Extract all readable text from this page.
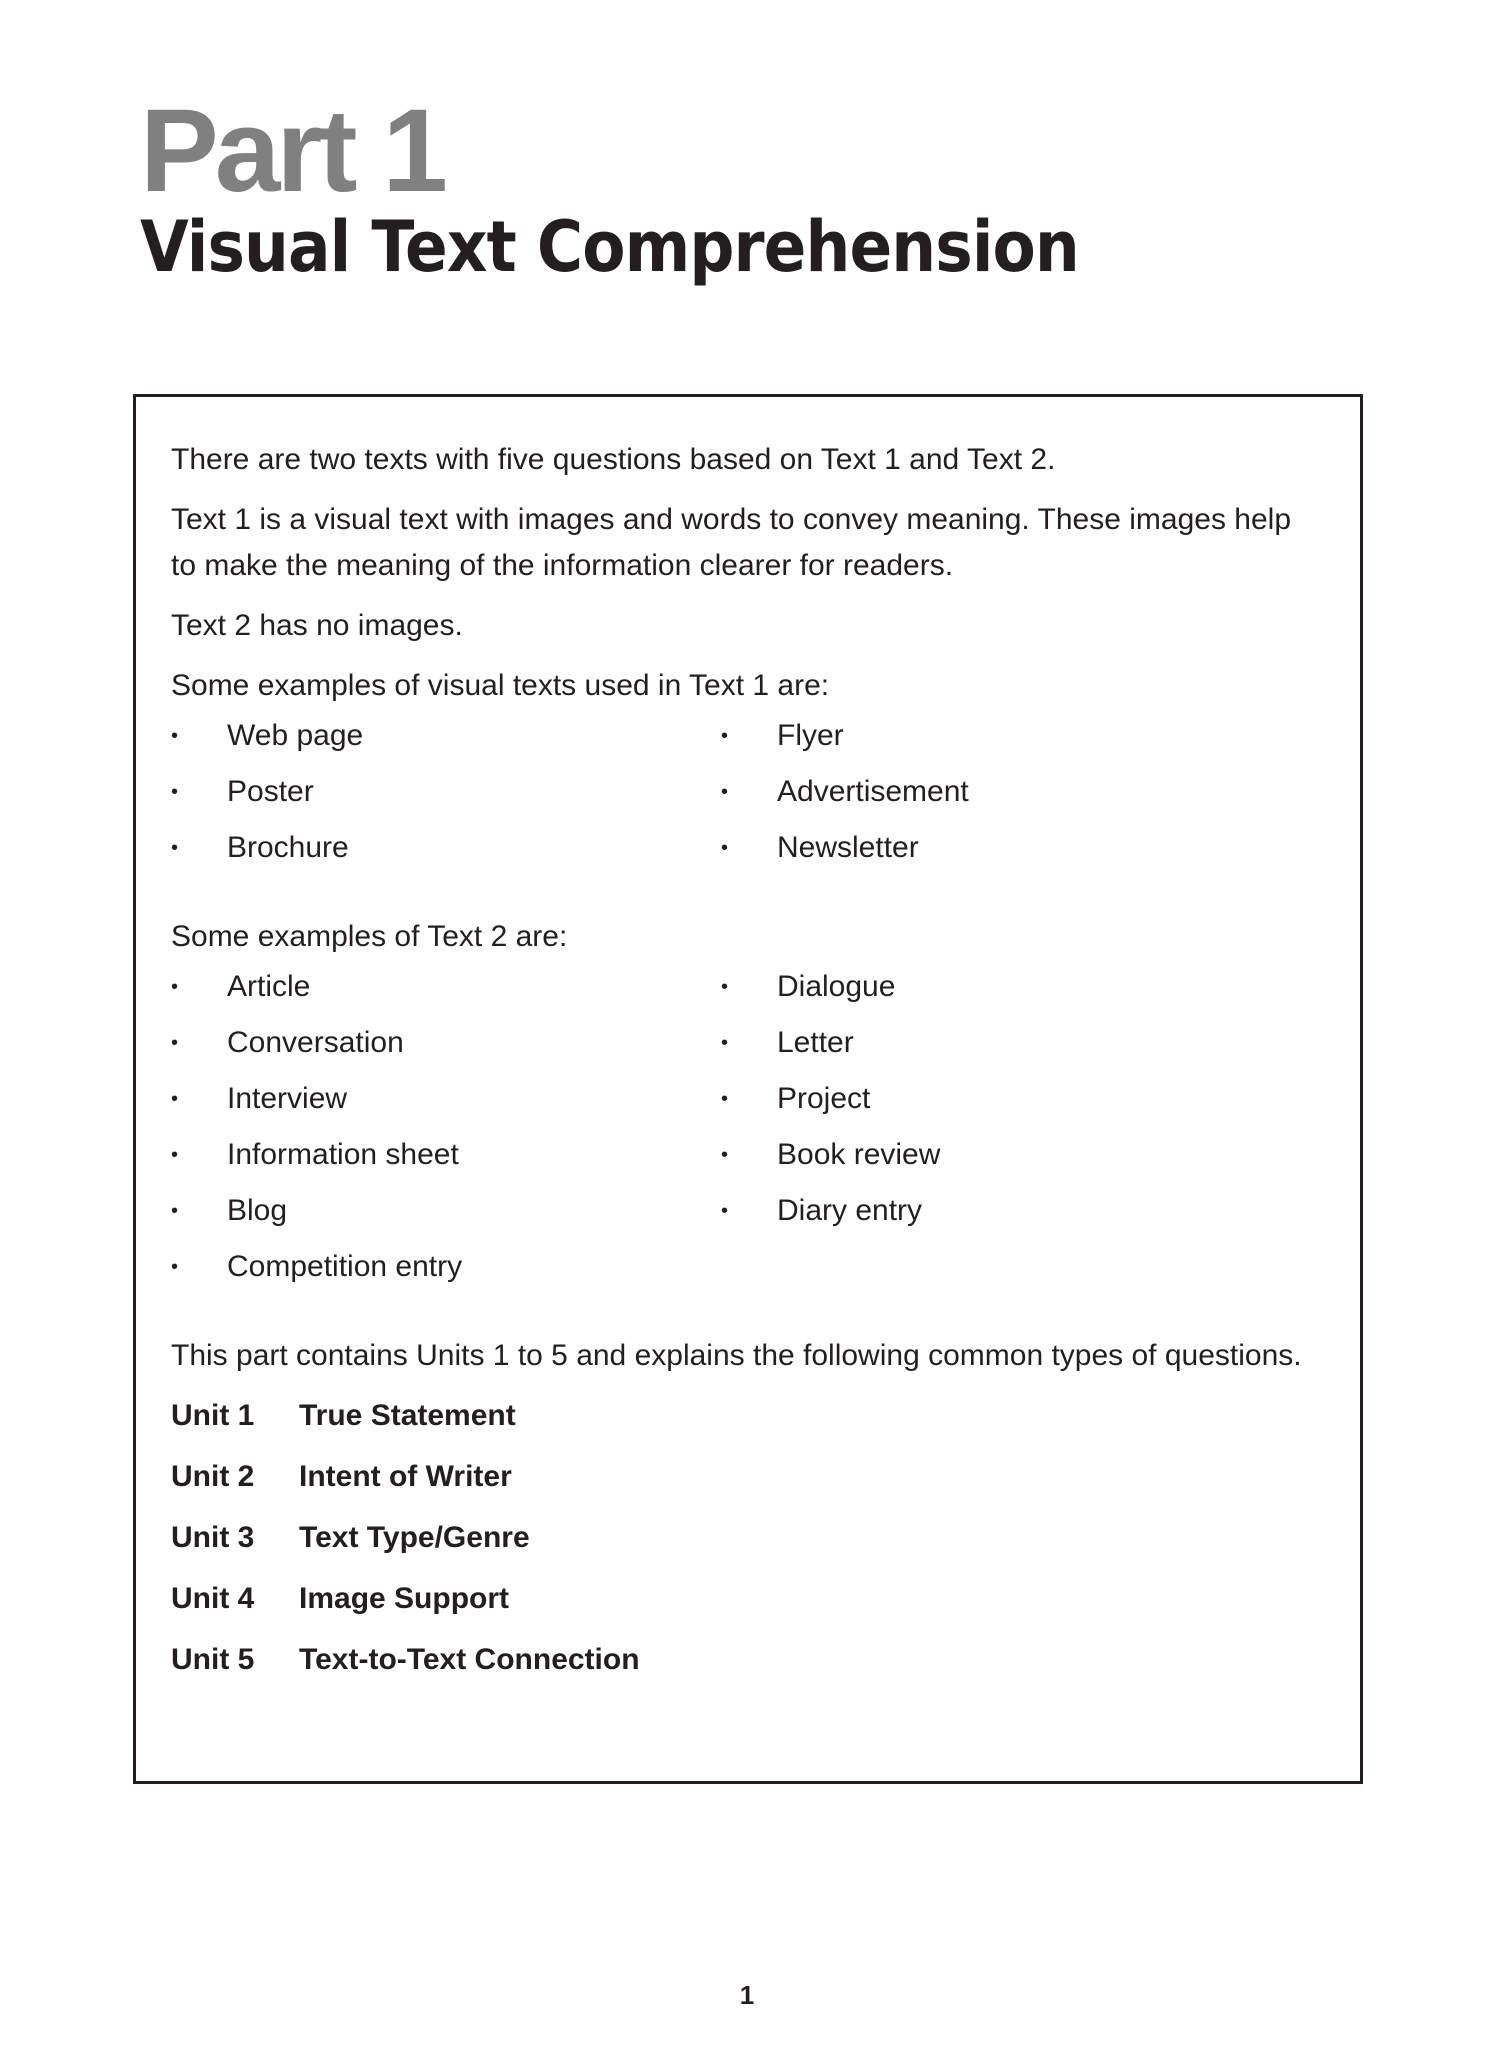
Part 1
Visual Text Comprehension

There are two texts with five questions based on Text 1 and Text 2.

Text 1 is a visual text with images and words to convey meaning. These images help to make the meaning of the information clearer for readers.

Text 2 has no images.

Some examples of visual texts used in Text 1 are:

•	Web page	•	Flyer
•	Poster	•	Advertisement
•	Brochure	•	Newsletter

Some examples of Text 2 are:

•	Article	•	Dialogue
•	Conversation	•	Letter
•	Interview	•	Project
•	Information sheet	•	Book review
•	Blog	•	Diary entry
•	Competition entry

This part contains Units 1 to 5 and explains the following common types of questions.

Unit 1	True Statement
Unit 2	Intent of Writer
Unit 3	Text Type/Genre
Unit 4	Image Support
Unit 5	Text-to-Text Connection
1
